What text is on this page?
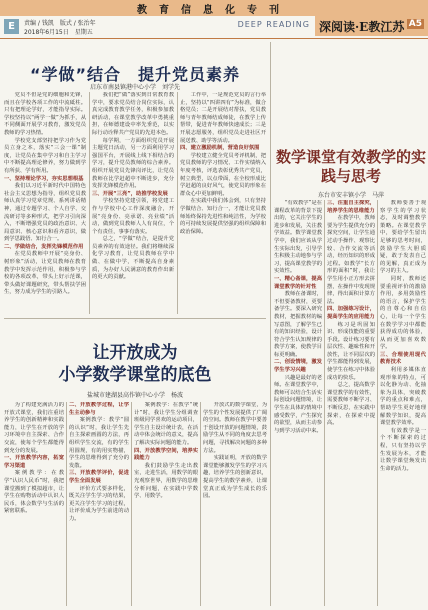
教育信息化专刊
E	责编 / 钱凯　版式 / 张治年
2018年6月15日　星期五
DEEP READING 深阅读·E教江苏 A5
“学做”结合　提升党员素养
启东市南县镇港中心小学　刘学先

党员不但是党的细胞和先锋，而且在学校各项工作的中流砥柱。只有把理论学好，才能指导实际。学校坚持以“两学一做”为抓手，从不同侧面开展学习教育，激发党员教师的学习热情。

学校党支部坚持把学习作为党员立身之本，落实“三会一课”制度，让党员在集中学习和自主学习中不断提高理论修养，努力做到学有所获、学有所用。

一、坚持理论学习，夯实思想根基

我们以习近平新时代中国特色社会主义思想为指导，组织党员教师认真学习党章党规、系列讲话精神，通过专题学习、个人自学、交流研讨等多种形式，把学习引向深入，不断增强党员的政治意识、大局意识、核心意识和看齐意识，做到学思践悟、知行合一。

二、学做结合，发挥先锋模范作用

在党员教师中开展“亮身份、树形象”活动，让党员教师在教育教学中发挥示范作用，积极参与学校的各项改革，带头上好示范课，带头做好课题研究，带头帮扶学困生，努力成为学生的引路人。

我们把“做”落实到日常教育教学中，要求党员结合岗位实际，认真完成教育教学任务，积极参加教研活动，在课堂教学改革中勇挑重担，在师德建设中率先垂范，以实际行动诠释共产党员的先进本色。

每学期，一方面组织党员开展主题党日活动，另一方面利用学习强国平台，开展线上线下相结合的学习，提升党员教师的综合素养。组织开展党员先锋岗评比，让党员教师在比学赶超中不断进步，充分发挥先锋模范作用。

三、开展“三亮”，助推学校发展

学校坚持党建引领，将党建工作与学校中心工作深度融合，开展“亮身份、亮承诺、亮业绩”活动，做到党员教师人人有岗位，个个有责任，事事有落实。

总之，“学做”结合，是提升党员素养的有效途径。我们将继续深化学习教育，让党员教师在学中做、在做中学，不断提高自身素质，为办好人民满意的教育作出新的更大的贡献。

工作中，一是规范党员的言行举止，坚持以“四讲四有”为标准，做合格党员；二是开展结对帮扶，党员教师与青年教师结成师徒，在教学上传帮带，促进青年教师快速成长；三是开展志愿服务，组织党员走进社区开展送教、助学等活动。

四、建立激励机制，营造良好氛围

学校建立健全党员考评机制，把党员教师的学习情况、工作实绩纳入年度考核，评选表彰优秀共产党员，树立典型，以点带面，在全校形成比学赶超的良好风气，使党员的形象在群众心中更加鲜明。

在实践中我们体会到，只有坚持学做结合、知行合一，才能让党员教师始终保持先进性和纯洁性，为学校的可持续发展提供坚强的组织保障和政治保障。

数学课堂有效教学的实践与思考
东台市安丰镇小学　马萍

“有效教学”是在课程改革的背景下提出的，它关注学生的进步和发展，关注教学效益。数学课堂教学中，我们应该从学生实际出发，引导学生积极主动地参与学习，提高课堂教学的实效性。

一、精心备课，提高课堂教学的针对性

教师在备课时，不但要备教材，更要备学生。要深入研究教材，把握教材的编写意图，了解学生已有的知识经验，设计符合学生认知规律的教学方案，使教学目标更明确。

二、创设情境，激发学生学习兴趣

兴趣是最好的老师。在课堂教学中，教师可以结合生活实际创设问题情境，让学生在具体的情境中感受数学，产生探究的欲望，从而主动参与到学习活动中来。

三、注重自主探究，培养学生的思维能力

在教学中，教师要为学生提供充分的探究空间，让学生通过动手操作、观察比较、合作交流等活动，经历知识的形成过程。如教学“长方形的面积”时，我让学生用小正方形去拼摆，在操作中发现规律，得出面积计算方法。

四、加强练习设计，提高学生的应用能力

练习是巩固知识、形成技能的重要手段。设计练习要有层次性、趣味性和开放性，让不同层次的学生都能得到发展，使学生在练习中体验成功的快乐。

总之，提高数学课堂教学的有效性，需要教师不断学习、不断反思，在实践中探索，在探索中提高。

教师要善于观察学生的学习状态，及时调整教学策略。在课堂教学中，要给学生留出足够的思考时间，鼓励学生大胆质疑，敢于发表自己的见解，真正成为学习的主人。

同时，教师还要重视评价的激励作用，多用鼓励性的语言，保护学生的自尊心和自信心，让每一个学生在数学学习中都能获得成功的体验，从而更加喜欢数学。

三、合理使用现代教育技术

利用多媒体直观形象的特点，可以化静为动、化抽象为具体，突破教学的重点和难点，帮助学生更好地理解数学知识，提高课堂教学效率。

有效教学是一个不断探索的过程，只有坚持以学生发展为本，才能让数学课堂焕发出生命的活力。

让开放成为
小学数学课堂的底色
盐城市建湖县高作镇中心小学　杨波

为了构建充满活力的开放式课堂，我们注重培养学生的创新精神和实践能力，让学生在开放的学习环境中自主探索、合作交流，使每个学生都能得到充分的发展。

一、开放教学内容，拓宽学习渠道

案例教学：在教学“认识人民币”时，我把课堂搬到了模拟超市，让学生在购物活动中认识人民币，体会数学与生活的紧密联系。

二、开放教学过程，让学生主动参与

案例教学：教学“圆的认识”时，我让学生先自主探索画圆的方法，再组织学生交流，有的学生用圆规，有的用实物描，学生的思维得到了充分的发散。

三、开放教学评价，促进学生全面发展

评价方式要多样化，既关注学生学习的结果，更关注学生学习的过程，让评价成为学生前进的动力。

案例教学：在教学“统计”时，我让学生分组调查班级同学喜欢的运动项目，学生自主设计统计表，在活动中体会统计的意义，提高了解决实际问题的能力。

四、开放教学空间，培养实践能力

我们鼓励学生走出教室，走进生活，用数学的眼光观察世界，用数学的思维分析问题，在实践中学数学、用数学。

开放式的数学课堂，为学生的个性发展提供了广阔的空间。教师在教学中要善于创设开放的问题情境，鼓励学生从不同的角度去思考问题，寻找解决问题的多种方法。

实践证明，开放的数学课堂能够激发学生的学习兴趣，培养学生的创新意识，提高学生的数学素养，让课堂真正成为学生成长的乐园。
